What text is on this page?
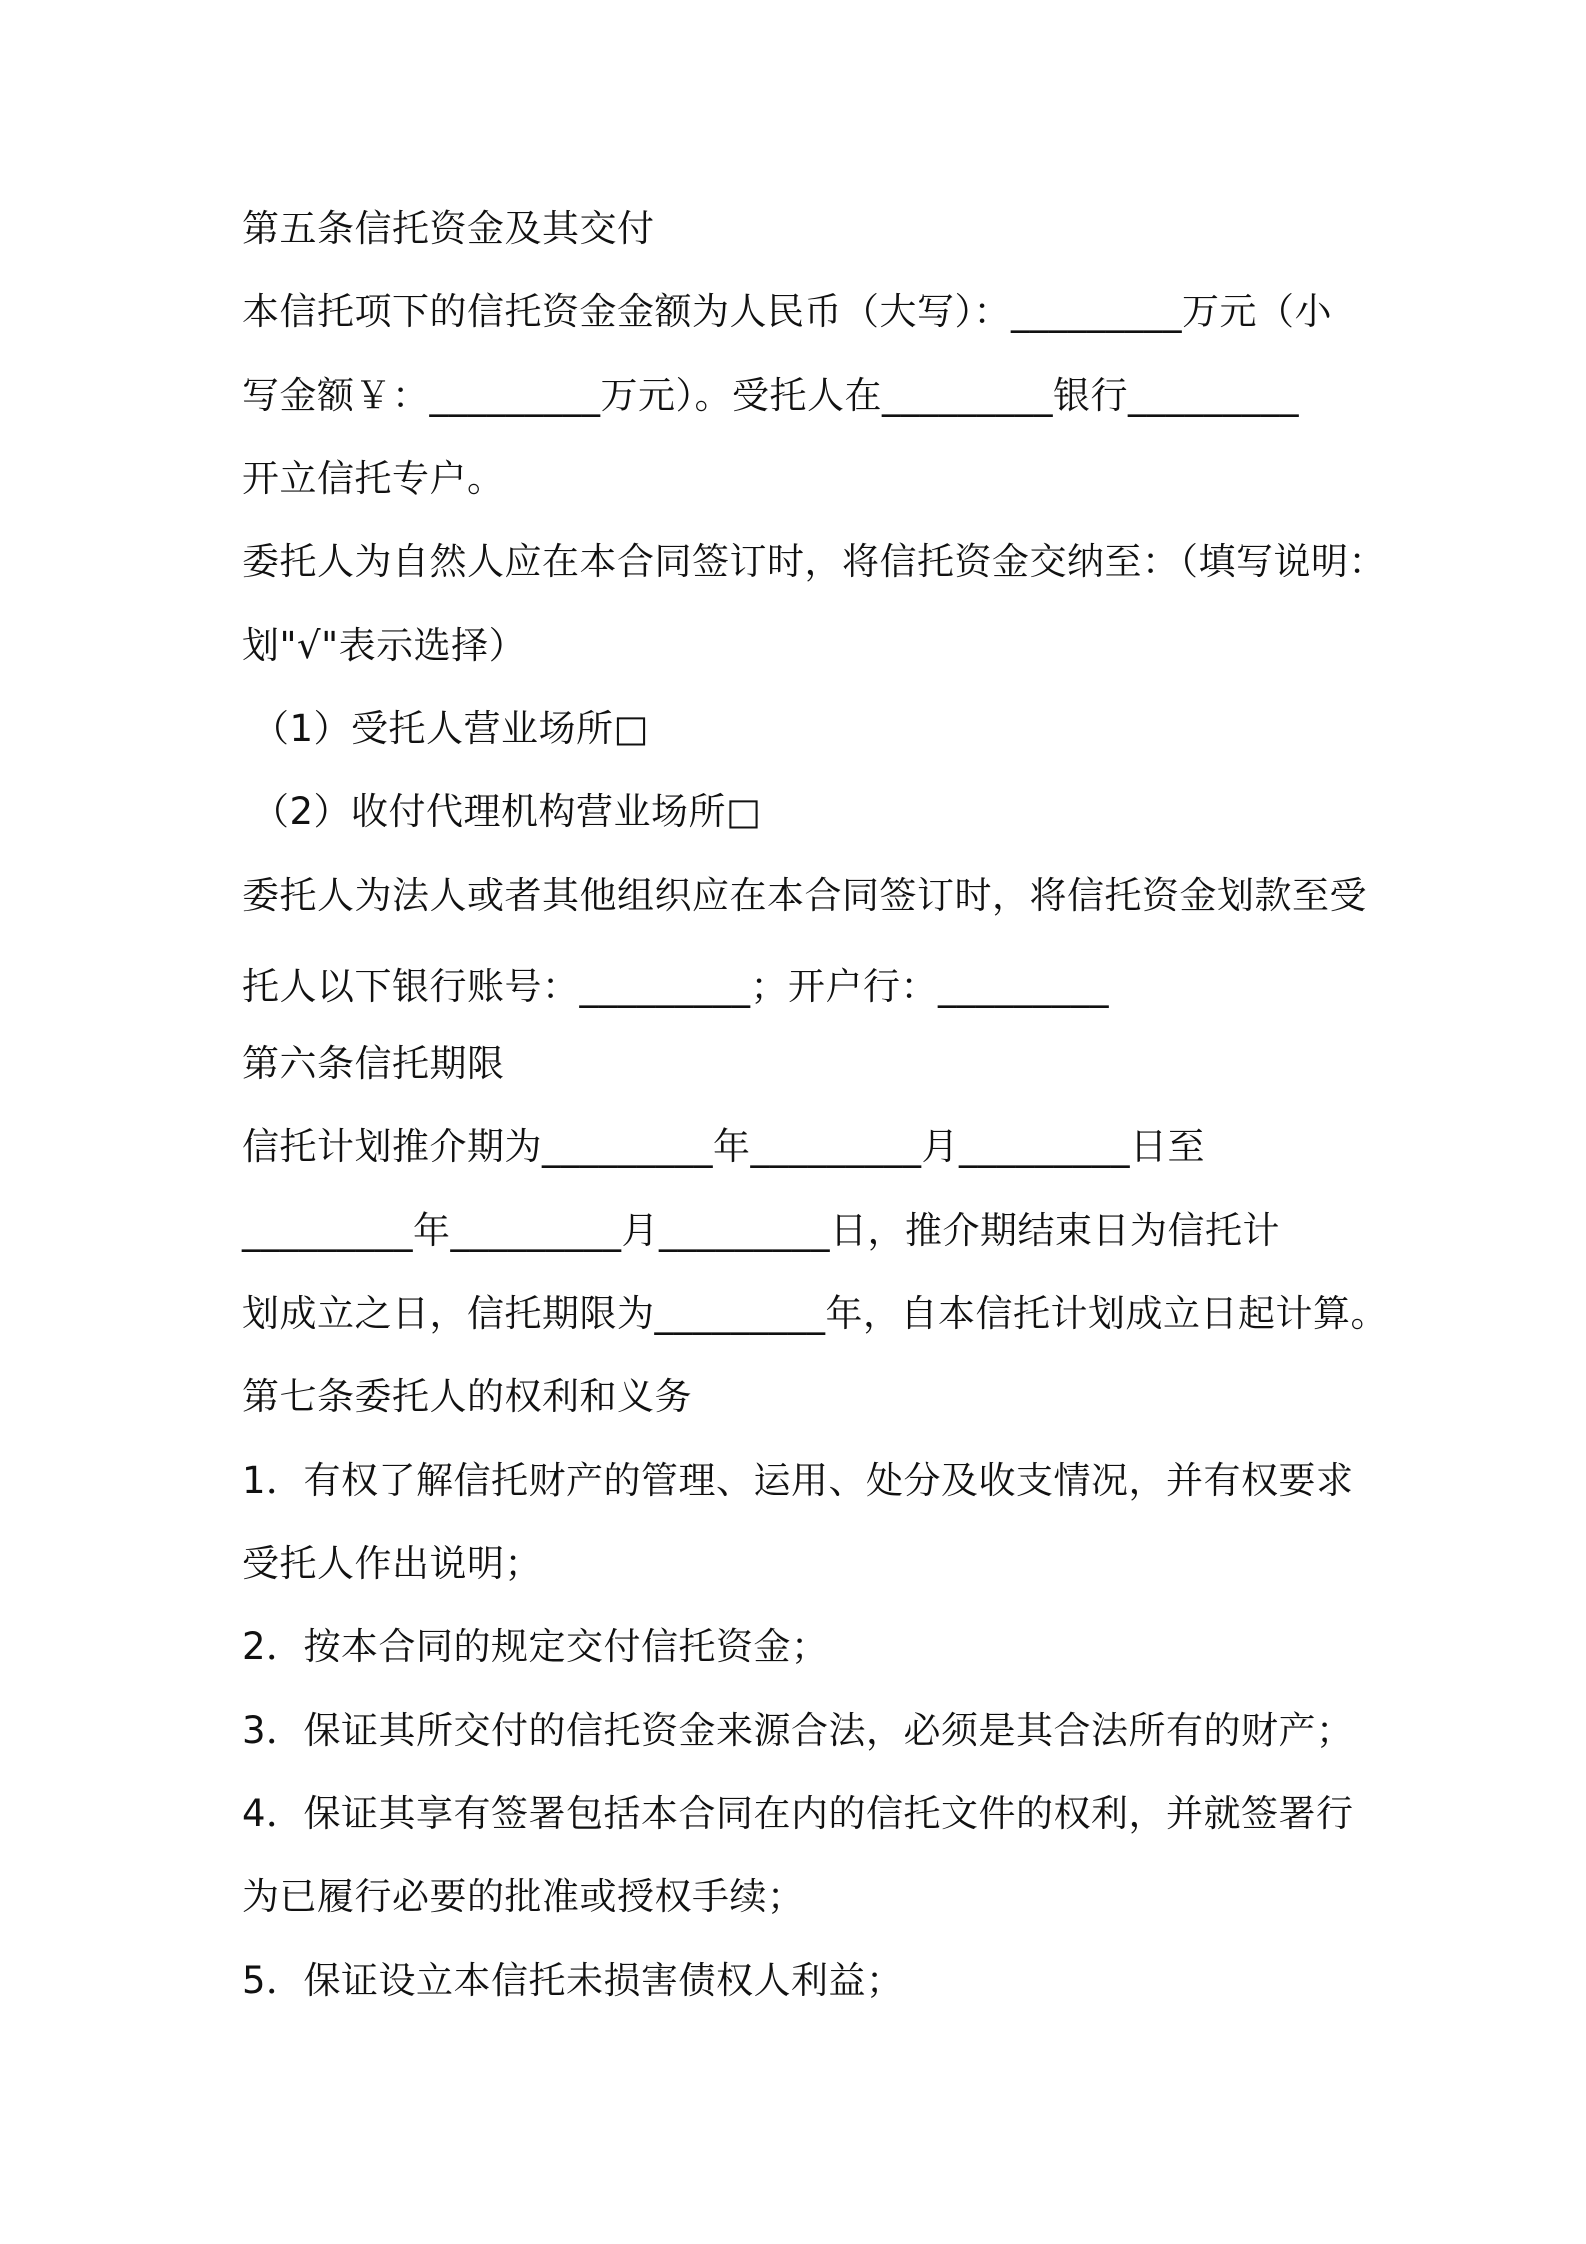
第五条信托资金及其交付
本信托项下的信托资金金额为人民币（大写）：_________万元（小
写金额￥：_________万元）。受托人在_________银行_________
开立信托专户。
委托人为自然人应在本合同签订时，将信托资金交纳至：（填写说明：
划"√"表示选择）
（1）受托人营业场所□
（2）收付代理机构营业场所□
委托人为法人或者其他组织应在本合同签订时，将信托资金划款至受
托人以下银行账号：_________；开户行：_________
第六条信托期限
信托计划推介期为_________年_________月_________日至
_________年_________月_________日，推介期结束日为信托计
划成立之日，信托期限为_________年，自本信托计划成立日起计算。
第七条委托人的权利和义务
1．有权了解信托财产的管理、运用、处分及收支情况，并有权要求
受托人作出说明；
2．按本合同的规定交付信托资金；
3．保证其所交付的信托资金来源合法，必须是其合法所有的财产；
4．保证其享有签署包括本合同在内的信托文件的权利，并就签署行
为已履行必要的批准或授权手续；
5．保证设立本信托未损害债权人利益；
